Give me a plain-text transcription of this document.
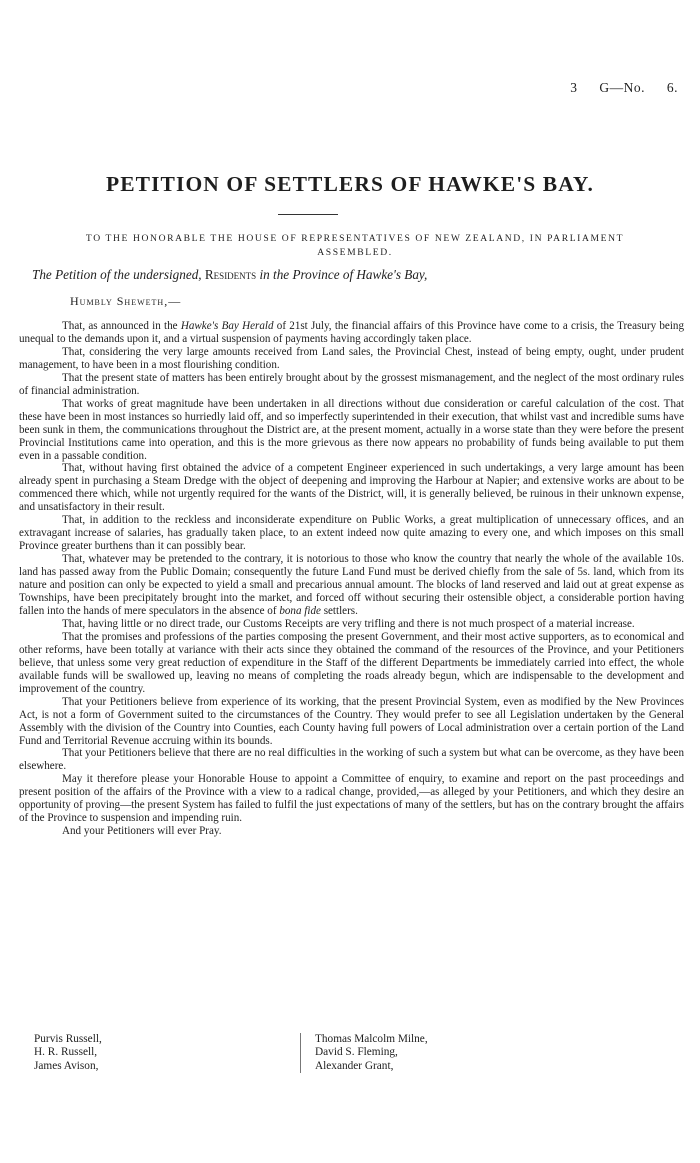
3 G—No. 6.
PETITION OF SETTLERS OF HAWKE'S BAY.
TO THE HONORABLE THE HOUSE OF REPRESENTATIVES OF NEW ZEALAND, IN PARLIAMENT ASSEMBLED.

The Petition of the undersigned, Residents in the Province of Hawke's Bay,

Humbly Sheweth,—

That, as announced in the Hawke's Bay Herald of 21st July, the financial affairs of this Province have come to a crisis, the Treasury being unequal to the demands upon it, and a virtual suspension of payments having accordingly taken place.

That, considering the very large amounts received from Land sales, the Provincial Chest, instead of being empty, ought, under prudent management, to have been in a most flourishing condition.

That the present state of matters has been entirely brought about by the grossest mismanagement, and the neglect of the most ordinary rules of financial administration.

That works of great magnitude have been undertaken in all directions without due consideration or careful calculation of the cost. That these have been in most instances so hurriedly laid off, and so imperfectly superintended in their execution, that whilst vast and incredible sums have been sunk in them, the communications throughout the District are, at the present moment, actually in a worse state than they were before the present Provincial Institutions came into operation, and this is the more grievous as there now appears no probability of funds being available to put them even in a passable condition.

That, without having first obtained the advice of a competent Engineer experienced in such undertakings, a very large amount has been already spent in purchasing a Steam Dredge with the object of deepening and improving the Harbour at Napier; and extensive works are about to be commenced there which, while not urgently required for the wants of the District, will, it is generally believed, be ruinous in their unknown expense, and unsatisfactory in their result.

That, in addition to the reckless and inconsiderate expenditure on Public Works, a great multiplication of unnecessary offices, and an extravagant increase of salaries, has gradually taken place, to an extent indeed now quite amazing to every one, and which imposes on this small Province greater burthens than it can possibly bear.

That, whatever may be pretended to the contrary, it is notorious to those who know the country that nearly the whole of the available 10s. land has passed away from the Public Domain; consequently the future Land Fund must be derived chiefly from the sale of 5s. land, which from its nature and position can only be expected to yield a small and precarious annual amount. The blocks of land reserved and laid out at great expense as Townships, have been precipitately brought into the market, and forced off without securing their ostensible object, a considerable portion having fallen into the hands of mere speculators in the absence of bona fide settlers.

That, having little or no direct trade, our Customs Receipts are very trifling and there is not much prospect of a material increase.

That the promises and professions of the parties composing the present Government, and their most active supporters, as to economical and other reforms, have been totally at variance with their acts since they obtained the command of the resources of the Province, and your Petitioners believe, that unless some very great reduction of expenditure in the Staff of the different Departments be immediately carried into effect, the whole available funds will be swallowed up, leaving no means of completing the roads already begun, which are indispensable to the development and improvement of the country.

That your Petitioners believe from experience of its working, that the present Provincial System, even as modified by the New Provinces Act, is not a form of Government suited to the circumstances of the Country. They would prefer to see all Legislation undertaken by the General Assembly with the division of the Country into Counties, each County having full powers of Local administration over a certain portion of the Land Fund and Territorial Revenue accruing within its bounds.

That your Petitioners believe that there are no real difficulties in the working of such a system but what can be overcome, as they have been elsewhere.

May it therefore please your Honorable House to appoint a Committee of enquiry, to examine and report on the past proceedings and present position of the affairs of the Province with a view to a radical change, provided,—as alleged by your Petitioners, and which they desire an opportunity of proving—the present System has failed to fulfil the just expectations of many of the settlers, but has on the contrary brought the affairs of the Province to suspension and impending ruin.

And your Petitioners will ever Pray.

Purvis Russell,
H. R. Russell,
James Avison,
Thomas Malcolm Milne,
David S. Fleming,
Alexander Grant,
